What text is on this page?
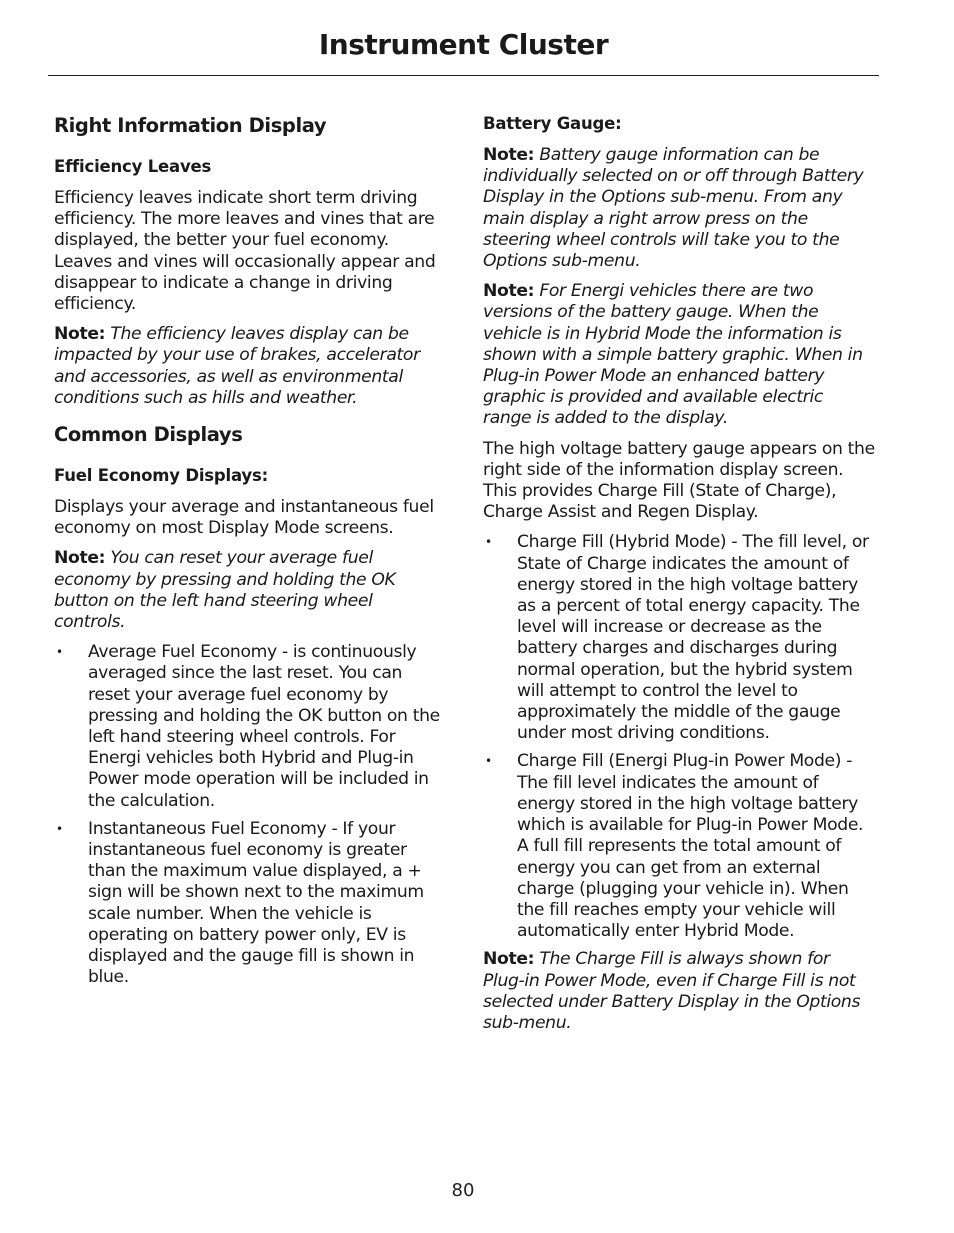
Instrument Cluster
Right Information Display
Efficiency Leaves

Efficiency leaves indicate short term driving efficiency. The more leaves and vines that are displayed, the better your fuel economy. Leaves and vines will occasionally appear and disappear to indicate a change in driving efficiency.

Note: The efficiency leaves display can be impacted by your use of brakes, accelerator and accessories, as well as environmental conditions such as hills and weather.

Common Displays
Fuel Economy Displays:

Displays your average and instantaneous fuel economy on most Display Mode screens.

Note: You can reset your average fuel economy by pressing and holding the OK button on the left hand steering wheel controls.

• Average Fuel Economy - is continuously averaged since the last reset. You can reset your average fuel economy by pressing and holding the OK button on the left hand steering wheel controls. For Energi vehicles both Hybrid and Plug-in Power mode operation will be included in the calculation.
• Instantaneous Fuel Economy - If your instantaneous fuel economy is greater than the maximum value displayed, a + sign will be shown next to the maximum scale number. When the vehicle is operating on battery power only, EV is displayed and the gauge fill is shown in blue.
Battery Gauge:

Note: Battery gauge information can be individually selected on or off through Battery Display in the Options sub-menu. From any main display a right arrow press on the steering wheel controls will take you to the Options sub-menu.

Note: For Energi vehicles there are two versions of the battery gauge. When the vehicle is in Hybrid Mode the information is shown with a simple battery graphic. When in Plug-in Power Mode an enhanced battery graphic is provided and available electric range is added to the display.

The high voltage battery gauge appears on the right side of the information display screen. This provides Charge Fill (State of Charge), Charge Assist and Regen Display.

• Charge Fill (Hybrid Mode) - The fill level, or State of Charge indicates the amount of energy stored in the high voltage battery as a percent of total energy capacity. The level will increase or decrease as the battery charges and discharges during normal operation, but the hybrid system will attempt to control the level to approximately the middle of the gauge under most driving conditions.
• Charge Fill (Energi Plug-in Power Mode) - The fill level indicates the amount of energy stored in the high voltage battery which is available for Plug-in Power Mode. A full fill represents the total amount of energy you can get from an external charge (plugging your vehicle in). When the fill reaches empty your vehicle will automatically enter Hybrid Mode.

Note: The Charge Fill is always shown for Plug-in Power Mode, even if Charge Fill is not selected under Battery Display in the Options sub-menu.

80
